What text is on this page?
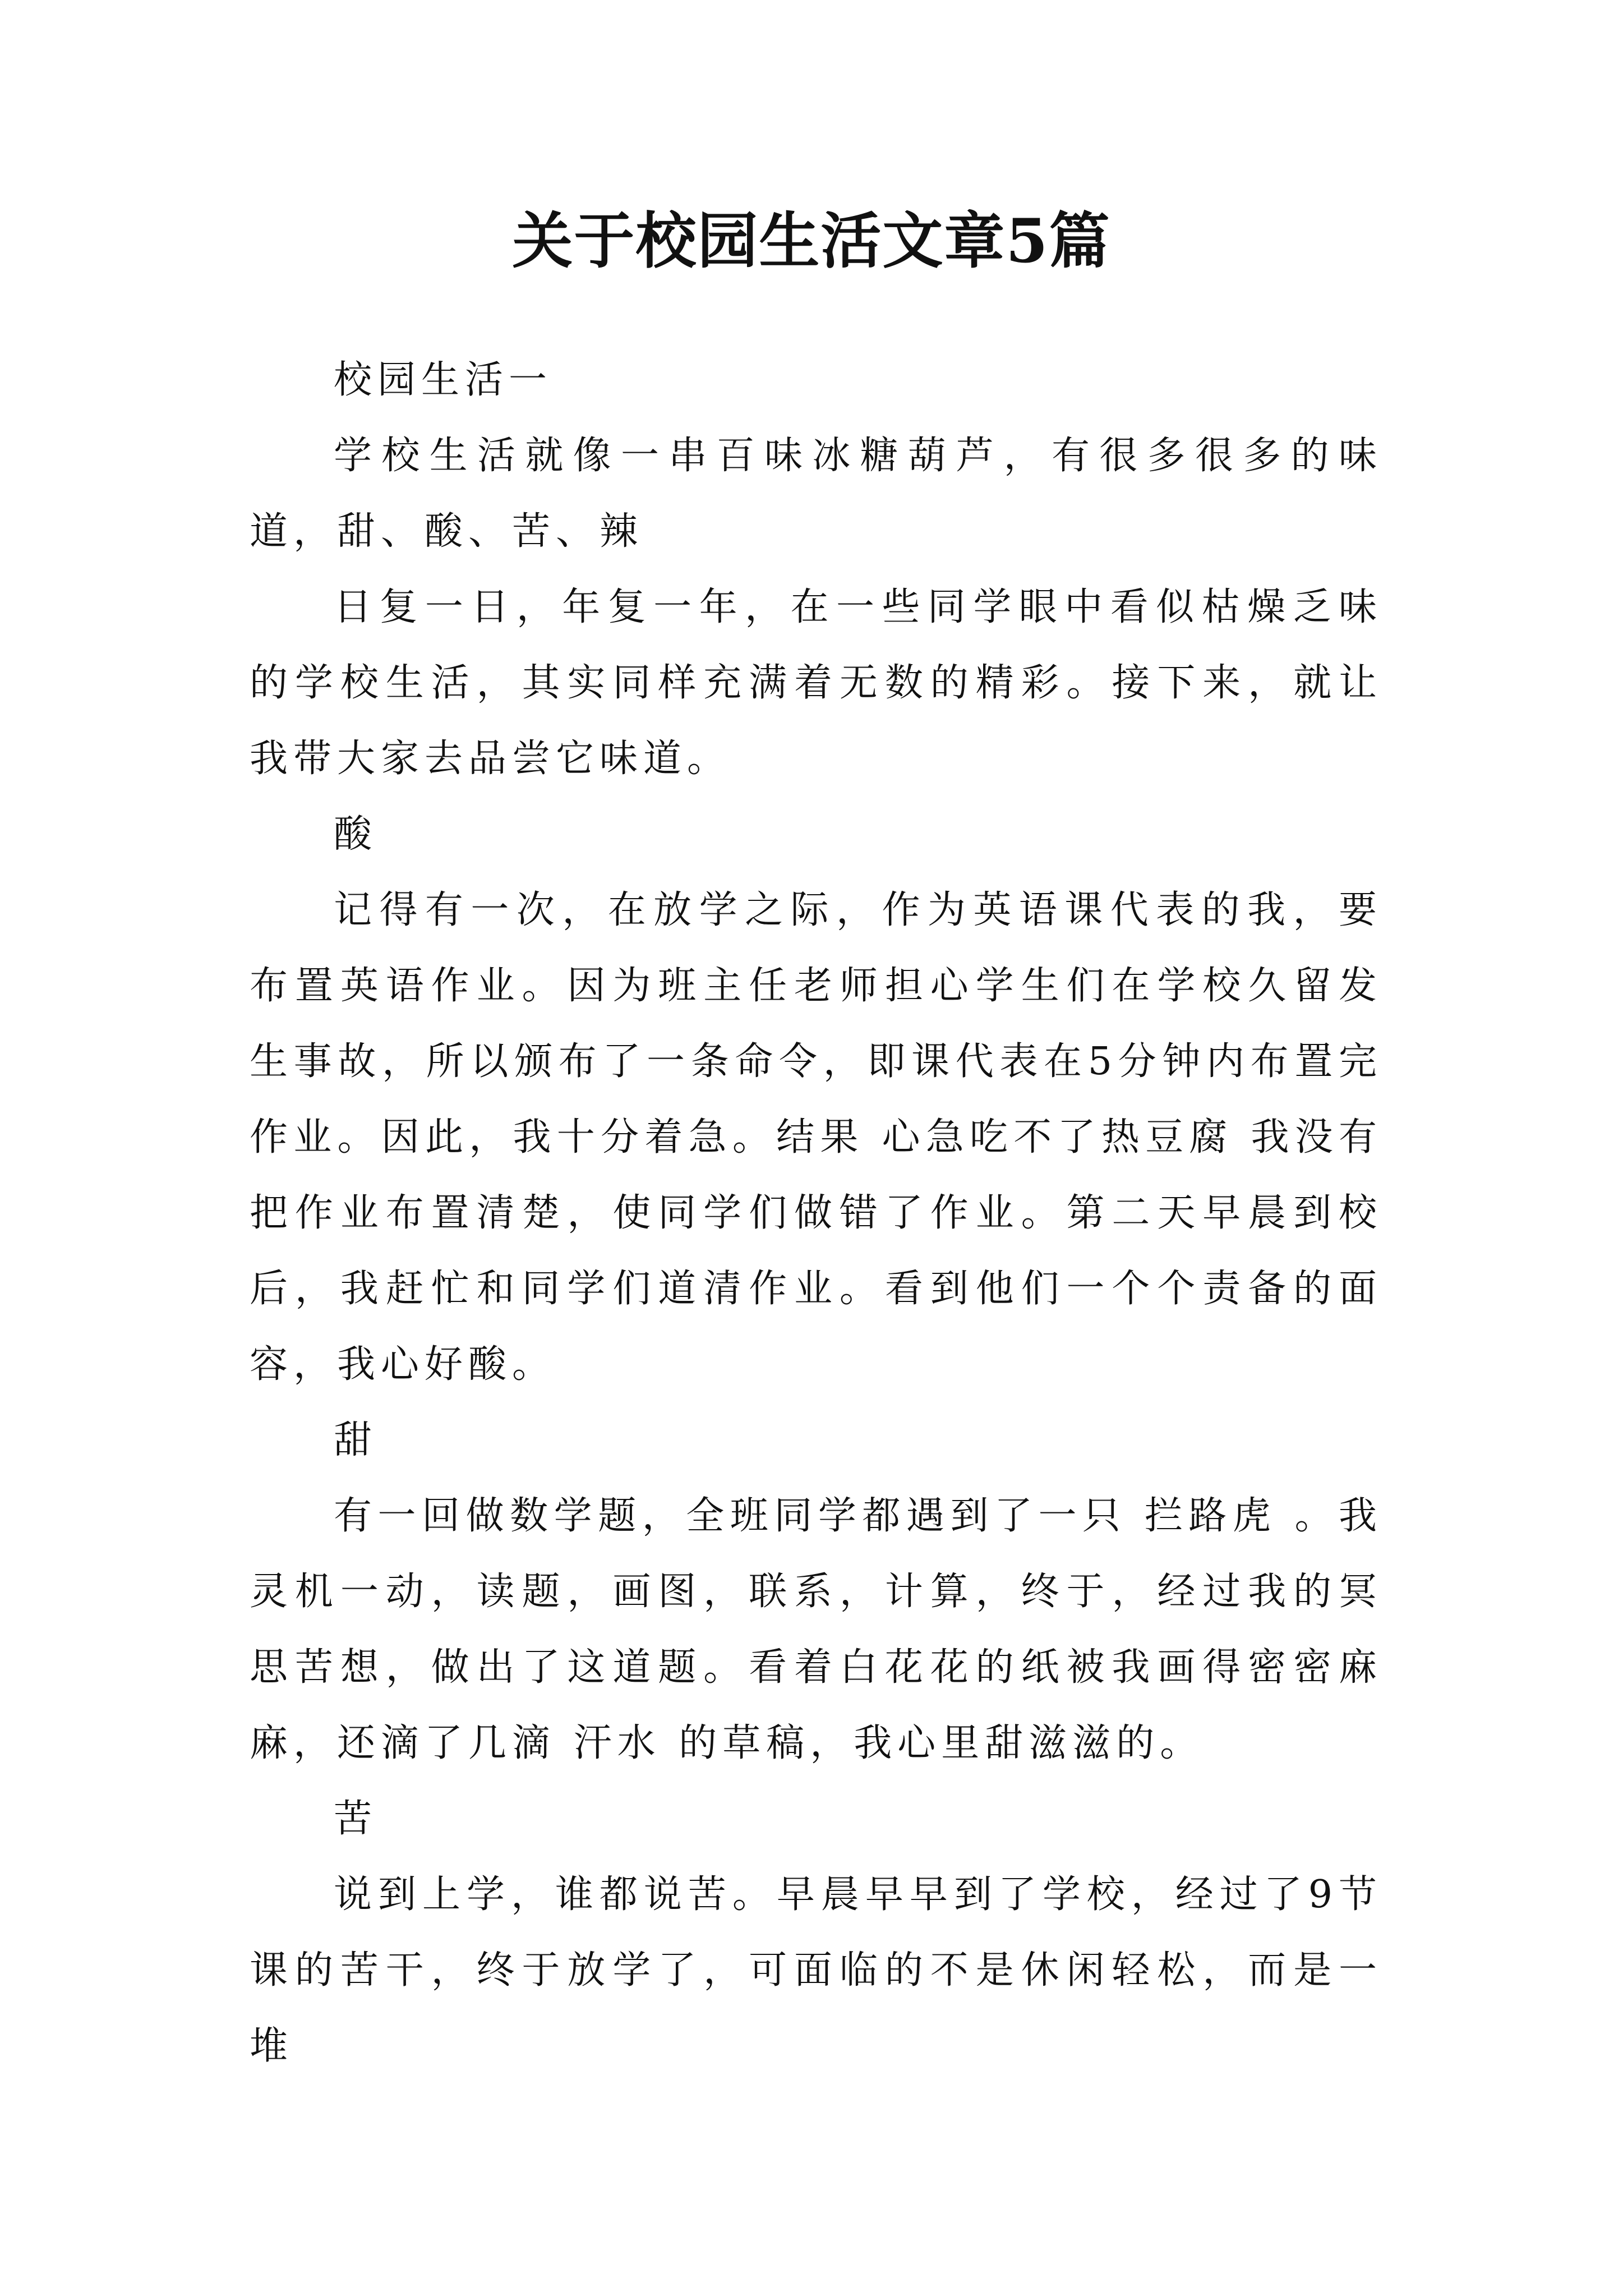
关于校园生活文章5篇

校园生活一

学校生活就像一串百味冰糖葫芦，有很多很多的味道，甜、酸、苦、辣

日复一日，年复一年，在一些同学眼中看似枯燥乏味的学校生活，其实同样充满着无数的精彩。接下来，就让我带大家去品尝它味道。

酸

记得有一次，在放学之际，作为英语课代表的我，要布置英语作业。因为班主任老师担心学生们在学校久留发生事故，所以颁布了一条命令，即课代表在5分钟内布置完作业。因此，我十分着急。结果 心急吃不了热豆腐 我没有把作业布置清楚，使同学们做错了作业。第二天早晨到校后，我赶忙和同学们道清作业。看到他们一个个责备的面容，我心好酸。

甜

有一回做数学题，全班同学都遇到了一只 拦路虎 。我灵机一动，读题，画图，联系，计算，终于，经过我的冥思苦想，做出了这道题。看着白花花的纸被我画得密密麻麻，还滴了几滴 汗水 的草稿，我心里甜滋滋的。

苦

说到上学，谁都说苦。早晨早早到了学校，经过了9节课的苦干，终于放学了，可面临的不是休闲轻松，而是一堆
